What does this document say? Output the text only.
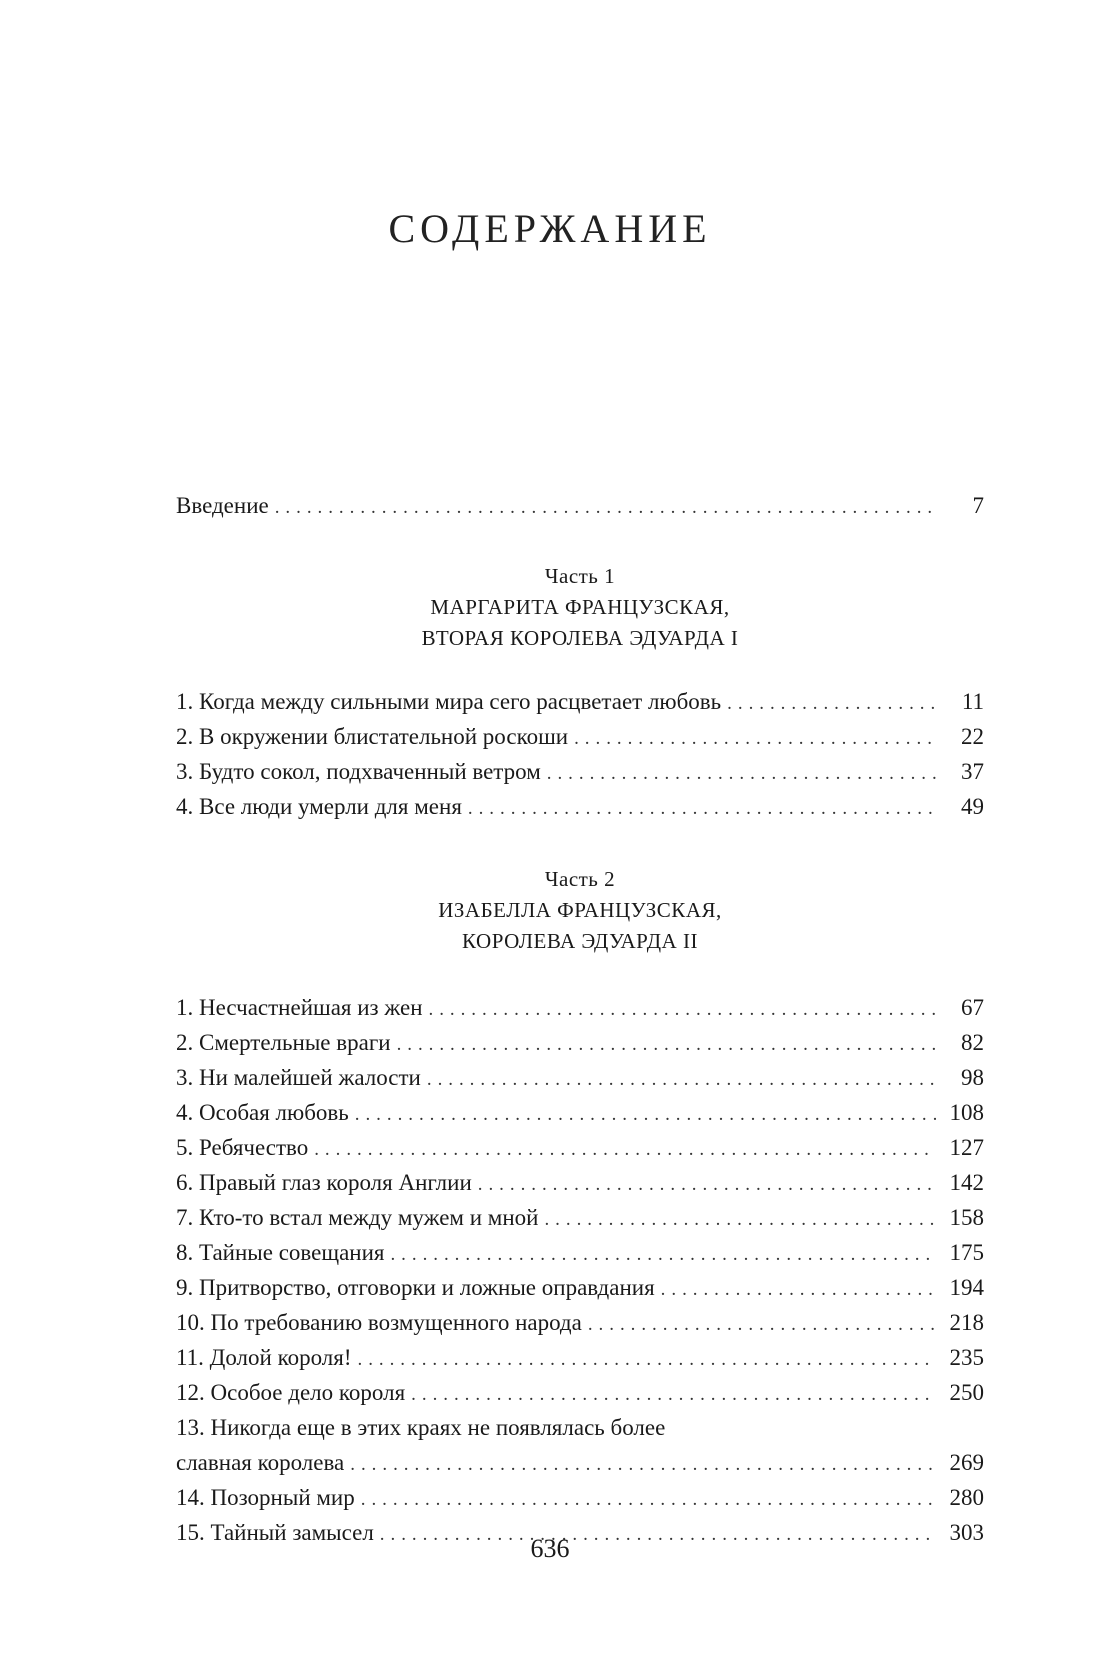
СОДЕРЖАНИЕ
Введение . . .	7
Часть 1
МАРГАРИТА ФРАНЦУЗСКАЯ,
ВТОРАЯ КОРОЛЕВА ЭДУАРДА I
1. Когда между сильными мира сего расцветает любовь . . .	11
2. В окружении блистательной роскоши . . .	22
3. Будто сокол, подхваченный ветром . . .	37
4. Все люди умерли для меня . . .	49
Часть 2
ИЗАБЕЛЛА ФРАНЦУЗСКАЯ,
КОРОЛЕВА ЭДУАРДА II
1. Несчастнейшая из жен . . .	67
2. Смертельные враги . . .	82
3. Ни малейшей жалости . . .	98
4. Особая любовь . . .	108
5. Ребячество . . .	127
6. Правый глаз короля Англии . . .	142
7. Кто-то встал между мужем и мной . . .	158
8. Тайные совещания . . .	175
9. Притворство, отговорки и ложные оправдания . . .	194
10. По требованию возмущенного народа . . .	218
11. Долой короля! . . .	235
12. Особое дело короля . . .	250
13. Никогда еще в этих краях не появлялась более
славная королева . . .	269
14. Позорный мир . . .	280
15. Тайный замысел . . .	303
636
